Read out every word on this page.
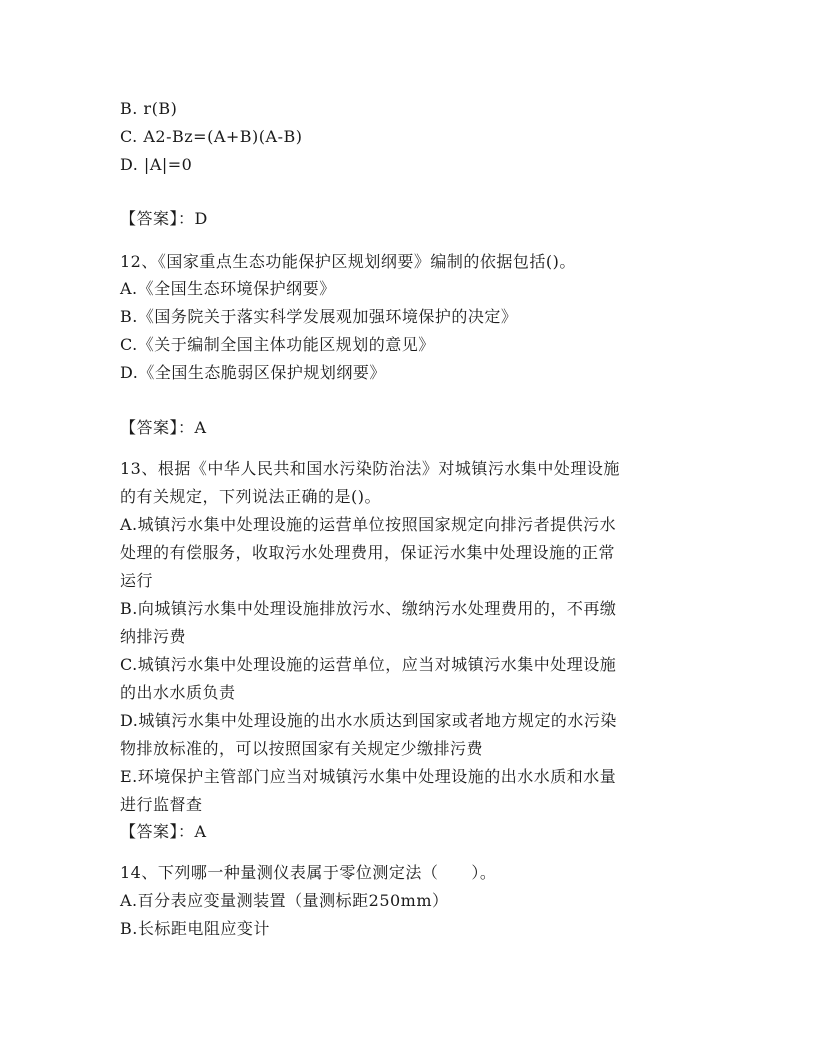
B. r(B)
C. A2-Bz=(A+B)(A-B)
D. |A|=0
【答案】：D
12、《国家重点生态功能保护区规划纲要》编制的依据包括()。
A.《全国生态环境保护纲要》
B.《国务院关于落实科学发展观加强环境保护的决定》
C.《关于编制全国主体功能区规划的意见》
D.《全国生态脆弱区保护规划纲要》
【答案】：A
13、根据《中华人民共和国水污染防治法》对城镇污水集中处理设施
的有关规定，下列说法正确的是()。
A.城镇污水集中处理设施的运营单位按照国家规定向排污者提供污水
处理的有偿服务，收取污水处理费用，保证污水集中处理设施的正常
运行
B.向城镇污水集中处理设施排放污水、缴纳污水处理费用的，不再缴
纳排污费
C.城镇污水集中处理设施的运营单位，应当对城镇污水集中处理设施
的出水水质负责
D.城镇污水集中处理设施的出水水质达到国家或者地方规定的水污染
物排放标准的，可以按照国家有关规定少缴排污费
E.环境保护主管部门应当对城镇污水集中处理设施的出水水质和水量
进行监督查
【答案】：A
14、下列哪一种量测仪表属于零位测定法（　　）。
A.百分表应变量测装置（量测标距250mm）
B.长标距电阻应变计
